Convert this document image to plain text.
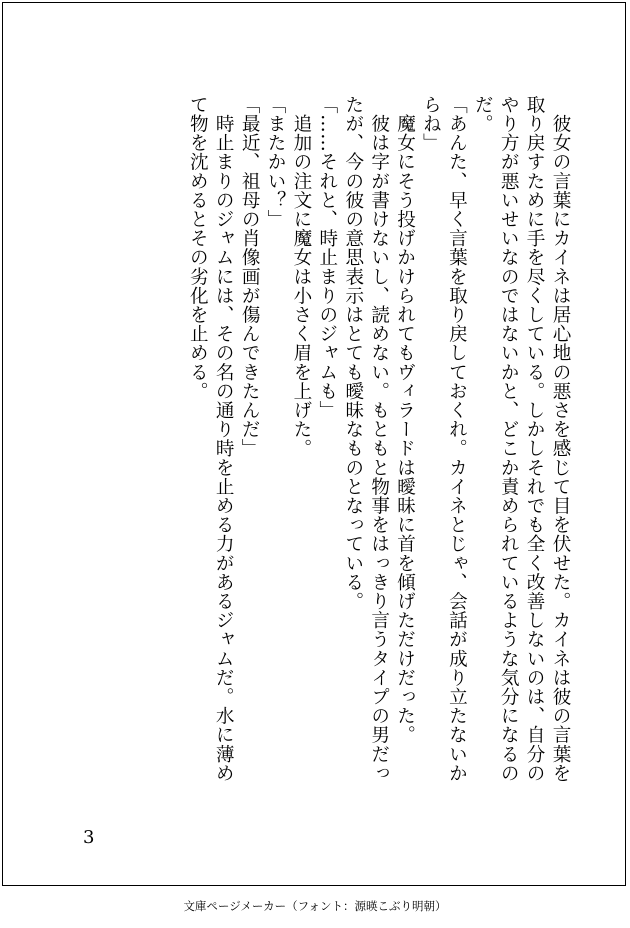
　彼女の言葉にカイネは居心地の悪さを感じて目を伏せた。カイネは彼の言葉を
取り戻すために手を尽くしている。しかしそれでも全く改善しないのは、自分の
やり方が悪いせいなのではないかと、どこか責められているような気分になるの
だ。
「あんた、早く言葉を取り戻しておくれ。カイネとじゃ、会話が成り立たないか
らね」
　魔女にそう投げかけられてもヴィラードは曖昧に首を傾げただけだった。
　彼は字が書けないし、読めない。もともと物事をはっきり言うタイプの男だっ
たが、今の彼の意思表示はとても曖昧なものとなっている。
「……それと、時止まりのジャムも」
　追加の注文に魔女は小さく眉を上げた。
「またかい？」
「最近、祖母の肖像画が傷んできたんだ」
　時止まりのジャムには、その名の通り時を止める力があるジャムだ。水に薄め
て物を沈めるとその劣化を止める。
3
文庫ページメーカー（フォント：源暎こぶり明朝）
